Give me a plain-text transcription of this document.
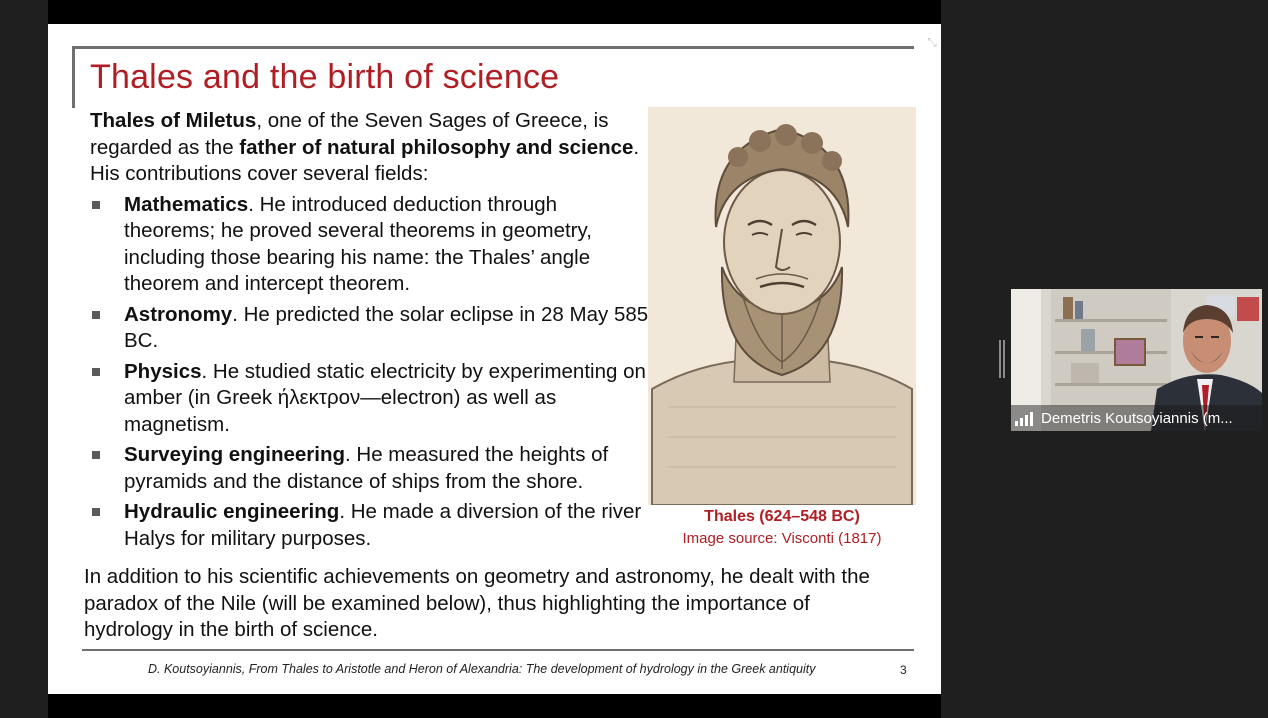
⤡
Thales and the birth of science

Thales of Miletus, one of the Seven Sages of Greece, is regarded as the father of natural philosophy and science. His contributions cover several fields:

Mathematics. He introduced deduction through theorems; he proved several theorems in geometry, including those bearing his name: the Thales’ angle theorem and intercept theorem.
Astronomy. He predicted the solar eclipse in 28 May 585 BC.
Physics. He studied static electricity by experimenting on amber (in Greek ήλεκτρον—electron) as well as magnetism.
Surveying engineering. He measured the heights of pyramids and the distance of ships from the shore.
Hydraulic engineering. He made a diversion of the river Halys for military purposes.
Thales (624–548 BC)
Image source: Visconti (1817)

In addition to his scientific achievements on geometry and astronomy, he dealt with the paradox of the Nile (will be examined below), thus highlighting the importance of hydrology in the birth of science.

D. Koutsoyiannis, From Thales to Aristotle and Heron of Alexandria: The development of hydrology in the Greek antiquity	3
Demetris Koutsoyiannis (m...
